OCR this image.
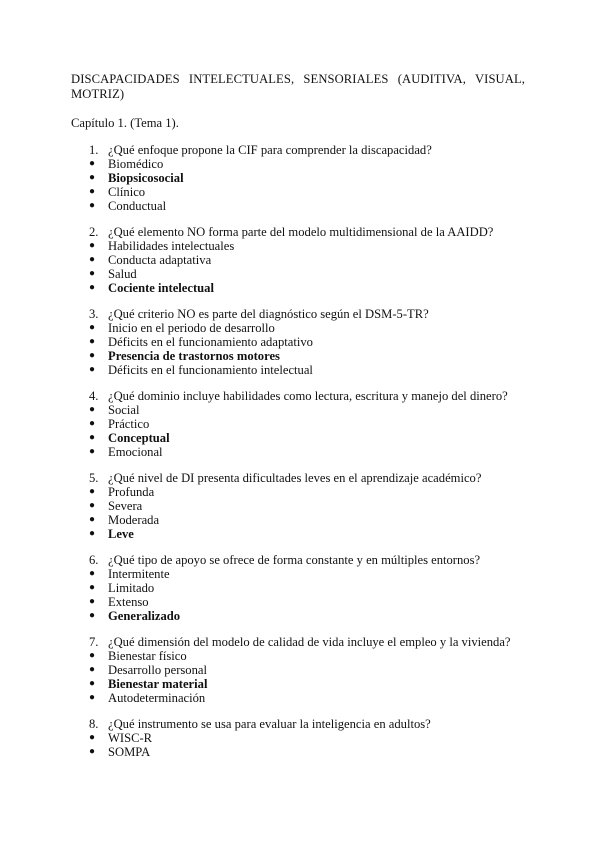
DISCAPACIDADES INTELECTUALES, SENSORIALES (AUDITIVA, VISUAL, MOTRIZ)

Capítulo 1. (Tema 1).

1. ¿Qué enfoque propone la CIF para comprender la discapacidad?
● Biomédico
● Biopsicosocial
● Clínico
● Conductual
2. ¿Qué elemento NO forma parte del modelo multidimensional de la AAIDD?
● Habilidades intelectuales
● Conducta adaptativa
● Salud
● Cociente intelectual
3. ¿Qué criterio NO es parte del diagnóstico según el DSM-5-TR?
● Inicio en el periodo de desarrollo
● Déficits en el funcionamiento adaptativo
● Presencia de trastornos motores
● Déficits en el funcionamiento intelectual
4. ¿Qué dominio incluye habilidades como lectura, escritura y manejo del dinero?
● Social
● Práctico
● Conceptual
● Emocional
5. ¿Qué nivel de DI presenta dificultades leves en el aprendizaje académico?
● Profunda
● Severa
● Moderada
● Leve
6. ¿Qué tipo de apoyo se ofrece de forma constante y en múltiples entornos?
● Intermitente
● Limitado
● Extenso
● Generalizado
7. ¿Qué dimensión del modelo de calidad de vida incluye el empleo y la vivienda?
● Bienestar físico
● Desarrollo personal
● Bienestar material
● Autodeterminación
8. ¿Qué instrumento se usa para evaluar la inteligencia en adultos?
● WISC-R
● SOMPA
